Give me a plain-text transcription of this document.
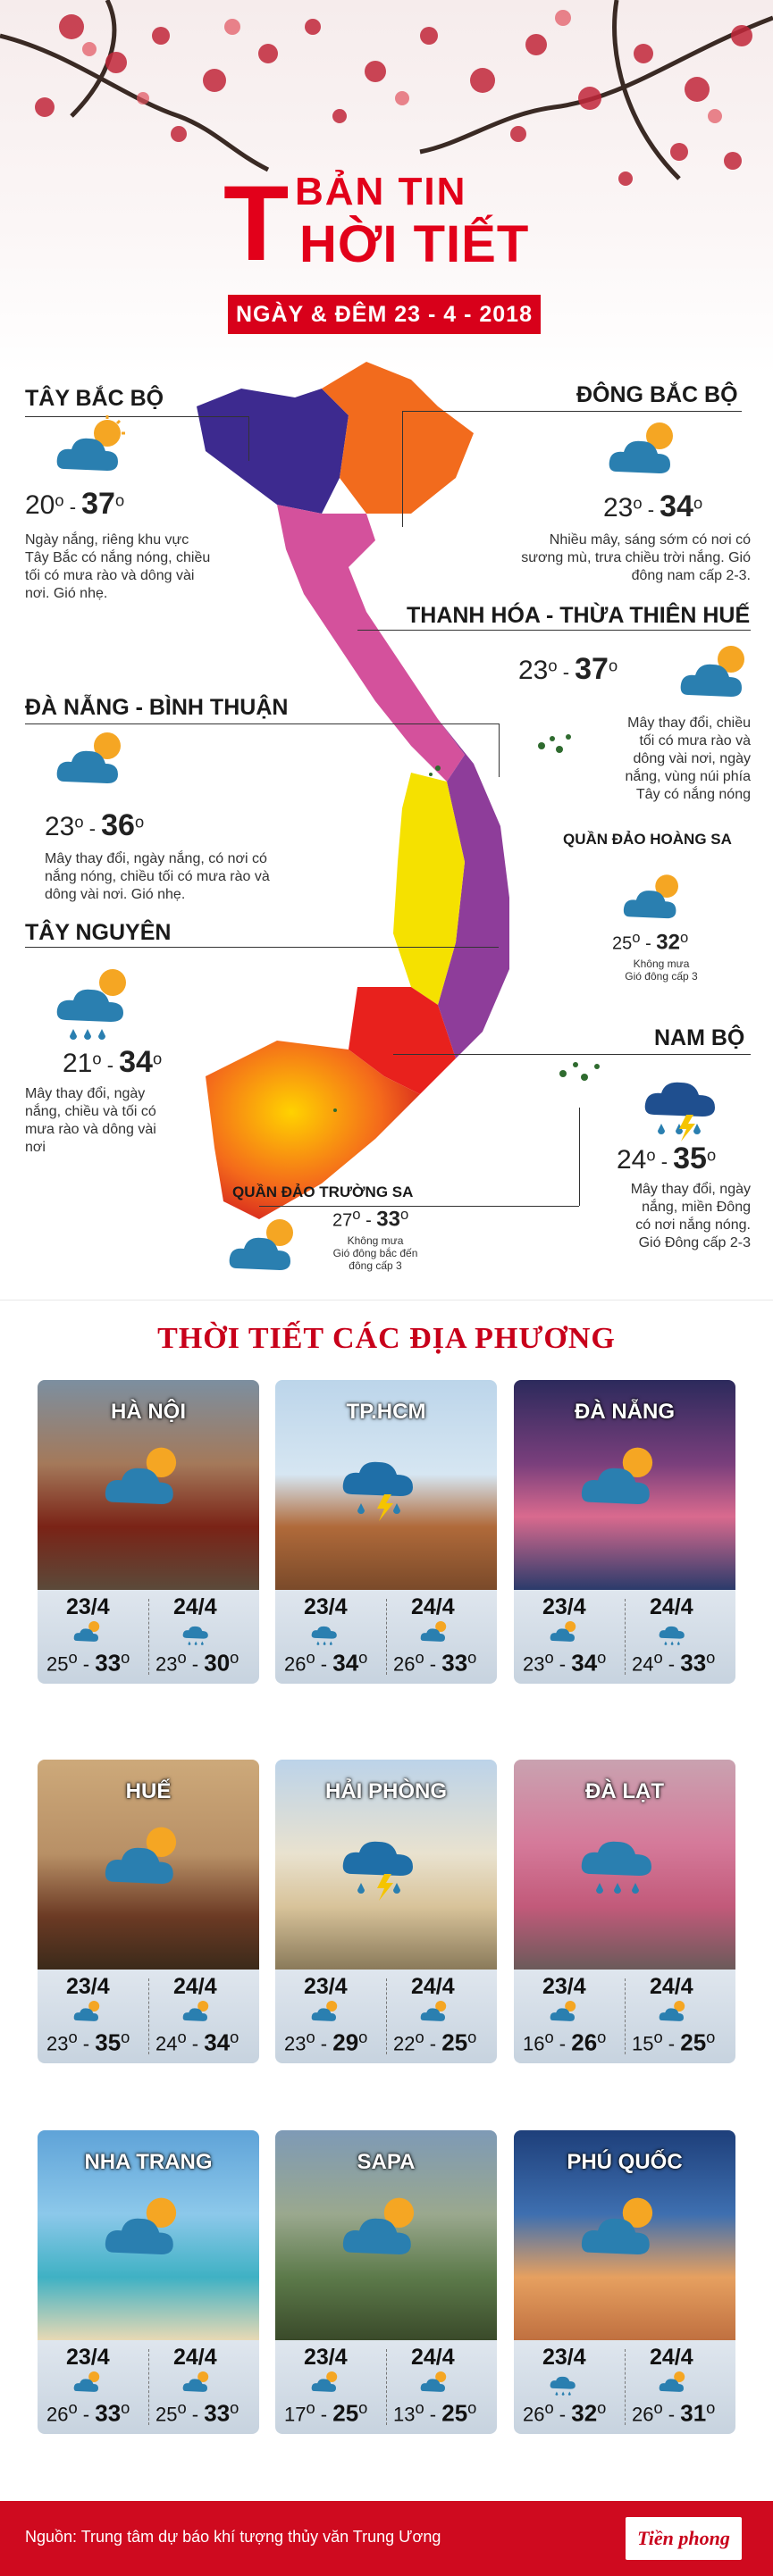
T BẢN TIN
HỜI TIẾT
NGÀY & ĐÊM 23 - 4 - 2018
TÂY BẮC BỘ
20$^o$ - 37$^o$
Ngày nắng, riêng khu vực
Tây Bắc có nắng nóng, chiều
tối có mưa rào và dông vài
nơi. Gió nhẹ.
ĐÔNG BẮC BỘ
23$^o$ - 34$^o$
Nhiều mây, sáng sớm có nơi có
sương mù, trưa chiều trời nắng. Gió
đông nam cấp 2-3.
THANH HÓA - THỪA THIÊN HUẾ
23$^o$ - 37$^o$
Mây thay đổi, chiều
tối có mưa rào và
dông vài nơi, ngày
nắng, vùng núi phía
Tây có nắng nóng
ĐÀ NẴNG - BÌNH THUẬN
23$^o$ - 36$^o$
Mây thay đổi, ngày nắng, có nơi có
nắng nóng, chiều tối có mưa rào và
dông vài nơi. Gió nhẹ.
QUẦN ĐẢO HOÀNG SA
25$^o$ - 32$^o$
Không mưa
Gió đông cấp 3
TÂY NGUYÊN
21$^o$ - 34$^o$
Mây thay đổi, ngày
nắng, chiều và tối có
mưa rào và dông vài
nơi
NAM BỘ
24$^o$ - 35$^o$
Mây thay đổi, ngày
nắng, miền Đông
có nơi nắng nóng.
Gió Đông cấp 2-3
QUẦN ĐẢO TRƯỜNG SA
27$^o$ - 33$^o$
Không mưa
Gió đông bắc đến
đông cấp 3
THỜI TIẾT CÁC ĐỊA PHƯƠNG
HÀ NỘI
23/4	24/4
25$^o$ - 33$^o$ 23$^o$ - 30$^o$
TP.HCM
23/4	24/4
26$^o$ - 34$^o$ 26$^o$ - 33$^o$
ĐÀ NẴNG
23/4	24/4
23$^o$ - 34$^o$ 24$^o$ - 33$^o$
HUẾ
23/4	24/4
23$^o$ - 35$^o$ 24$^o$ - 34$^o$
HẢI PHÒNG
23/4	24/4
23$^o$ - 29$^o$ 22$^o$ - 25$^o$
ĐÀ LẠT
23/4	24/4
16$^o$ - 26$^o$ 15$^o$ - 25$^o$
NHA TRANG
23/4	24/4
26$^o$ - 33$^o$ 25$^o$ - 33$^o$
SAPA
23/4	24/4
17$^o$ - 25$^o$ 13$^o$ - 25$^o$
PHÚ QUỐC
23/4	24/4
26$^o$ - 32$^o$ 26$^o$ - 31$^o$
Nguồn: Trung tâm dự báo khí tượng thủy văn Trung Ương	Tiền phong
